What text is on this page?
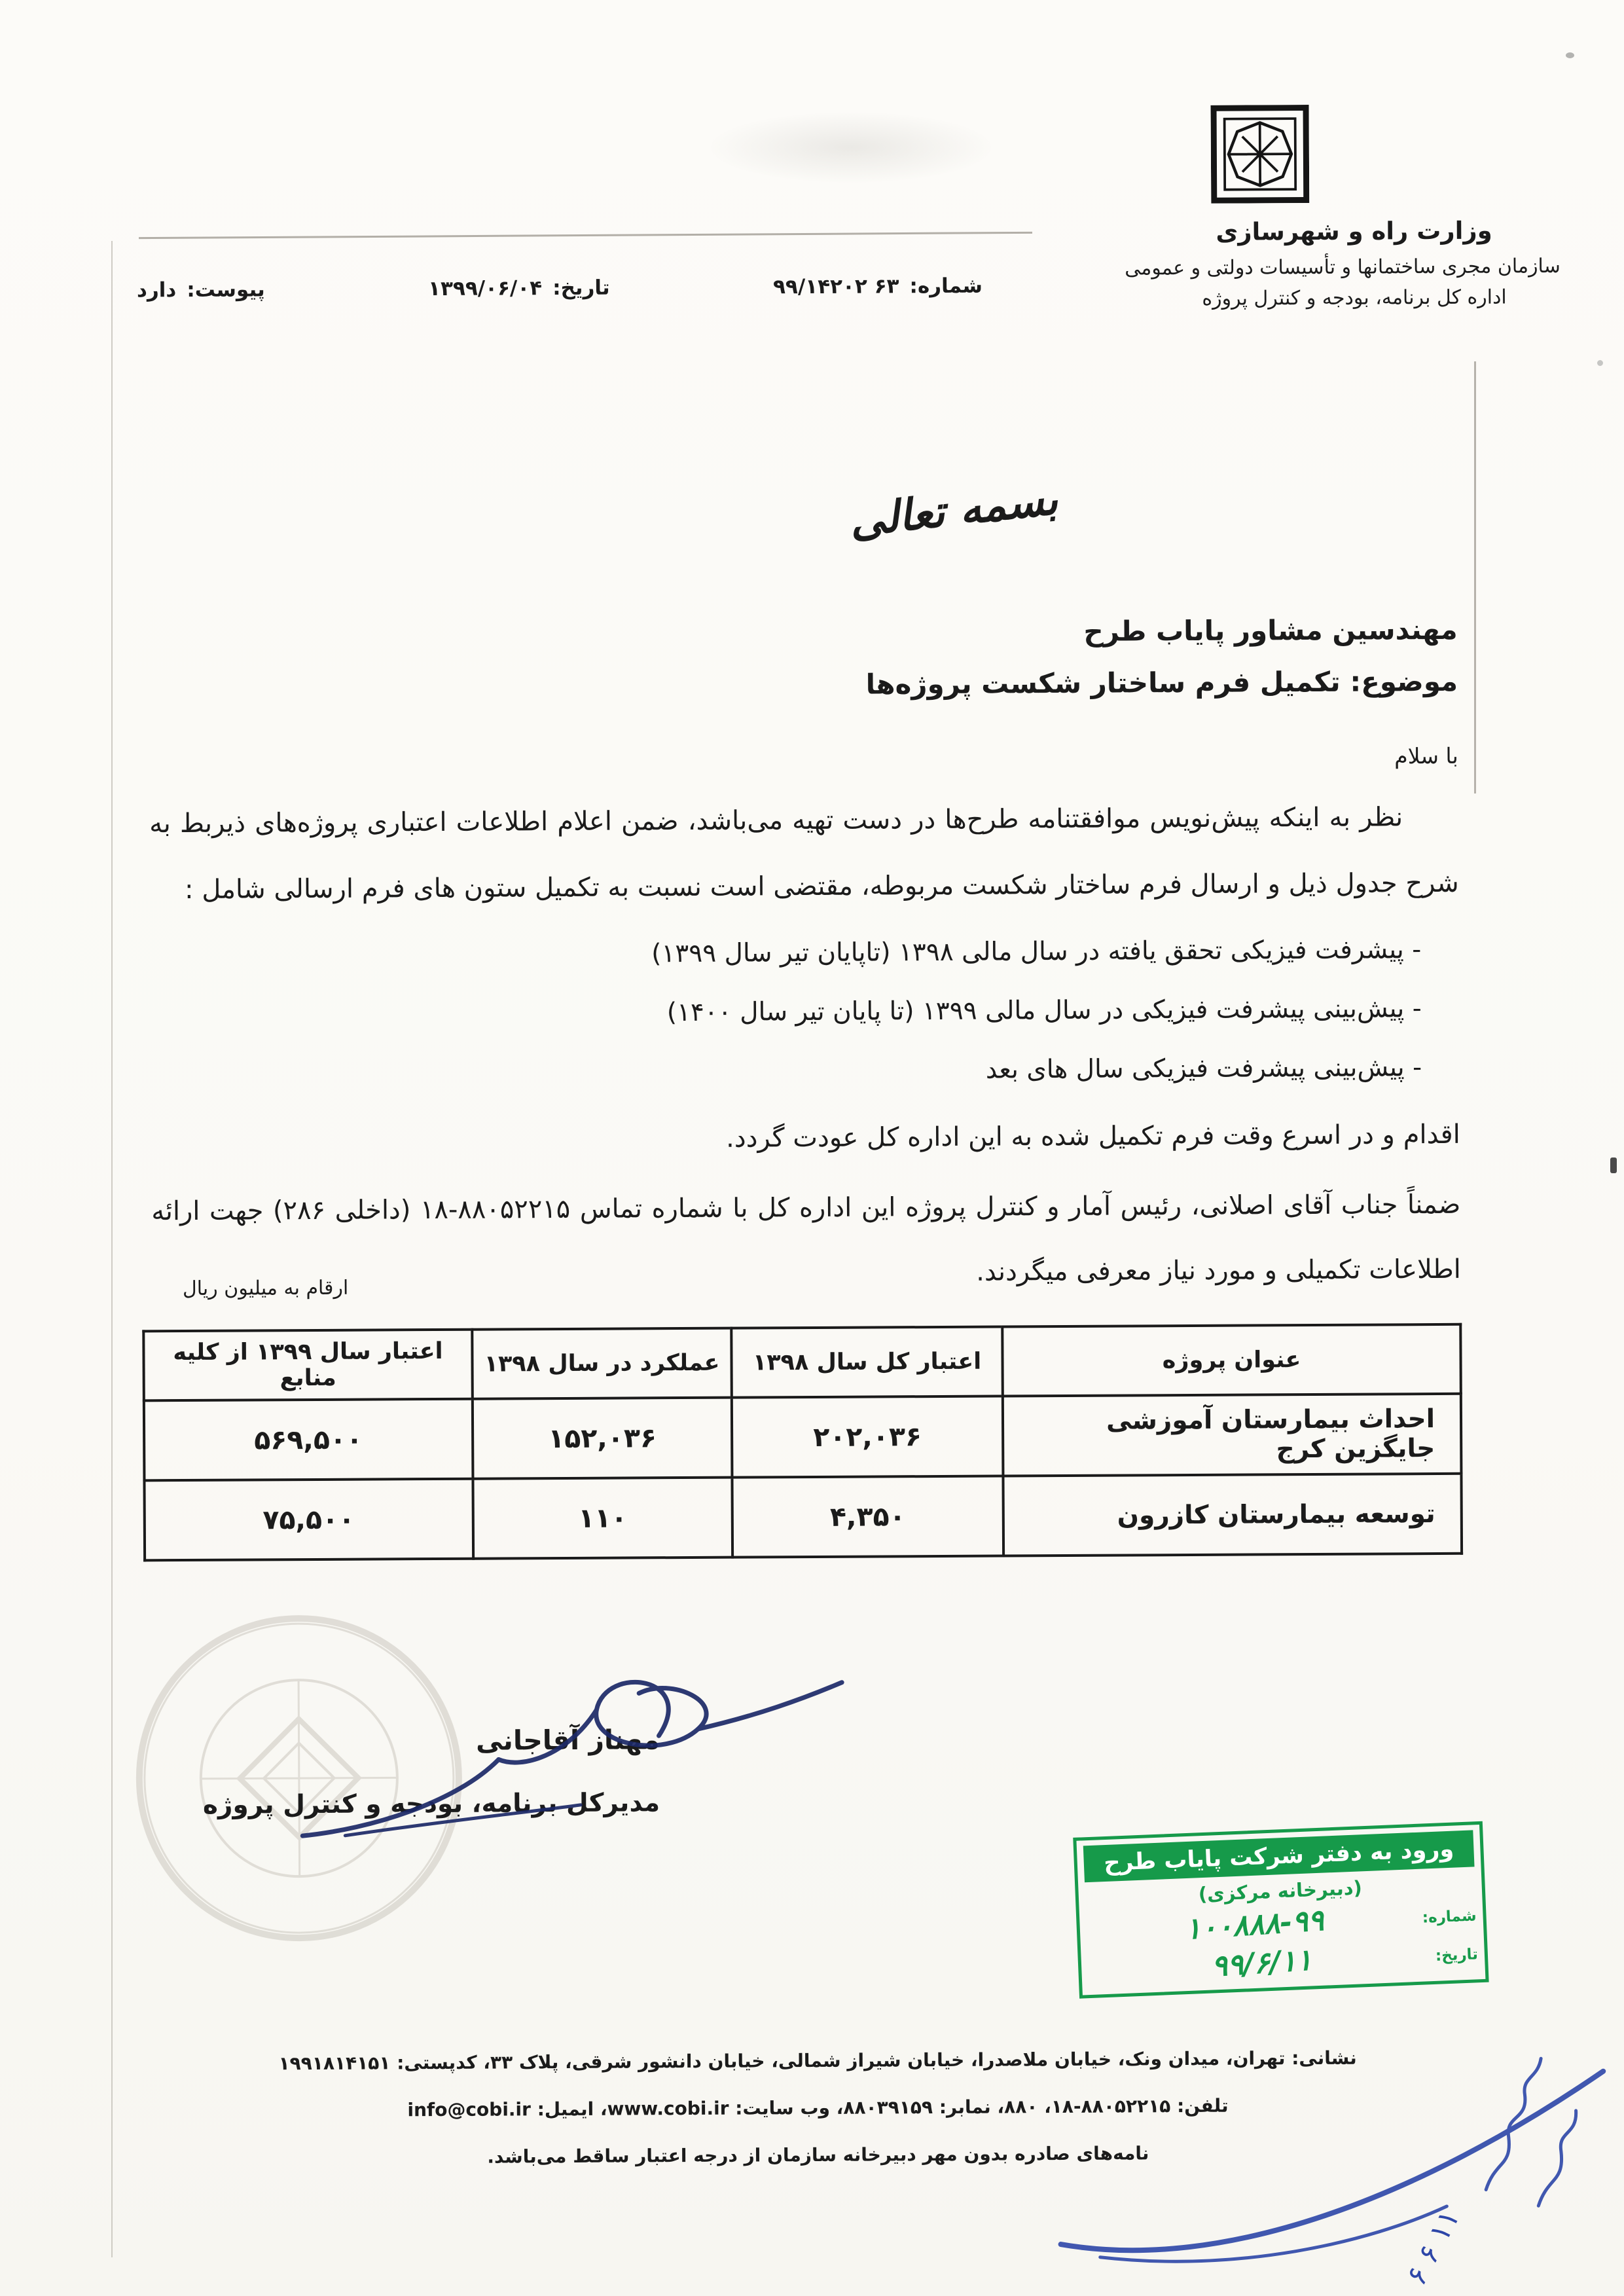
وزارت راه و شهرسازی
سازمان مجری ساختمانها و تأسیسات دولتی و عمومی
اداره کل برنامه، بودجه و کنترل پروژه
شماره:
۶۳ ۹۹/۱۴۲۰۲
تاریخ:
۱۳۹۹/۰۶/۰۴
پیوست:
دارد
بسمه تعالی

مهندسین مشاور پایاب طرح

موضوع: تکمیل فرم ساختار شکست پروژه‌ها

با سلام

نظر به اینکه پیش‌نویس موافقتنامه طرح‌ها در دست تهیه می‌باشد، ضمن اعلام اطلاعات اعتباری پروژه‌های ذیربط به شرح جدول ذیل و ارسال فرم ساختار شکست مربوطه، مقتضی است نسبت به تکمیل ستون های فرم ارسالی شامل :

- پیشرفت فیزیکی تحقق یافته در سال مالی ۱۳۹۸ (تاپایان تیر سال ۱۳۹۹)
- پیش‌بینی پیشرفت فیزیکی در سال مالی ۱۳۹۹ (تا پایان تیر سال ۱۴۰۰)
- پیش‌بینی پیشرفت فیزیکی سال های بعد

اقدام و در اسرع وقت فرم تکمیل شده به این اداره کل عودت گردد.

ضمناً جناب آقای اصلانی، رئیس آمار و کنترل پروژه این اداره کل با شماره تماس ۸۸۰۵۲۲۱۵-۱۸ (داخلی ۲۸۶) جهت ارائه اطلاعات تکمیلی و مورد نیاز معرفی میگردند.

ارقام به میلیون ریال
عنوان پروژه	اعتبار کل سال ۱۳۹۸	عملکرد در سال ۱۳۹۸	اعتبار سال ۱۳۹۹ از کلیه منابع
احداث بیمارستان آموزشی جایگزین کرج	۲۰۲,۰۳۶	۱۵۲,۰۳۶	۵۶۹,۵۰۰
توسعه بیمارستان کازرون	۴,۳۵۰	۱۱۰	۷۵,۵۰۰

مهناز آقاجانی

مدیرکل برنامه، بودجه و کنترل پروژه

ورود به دفتر شرکت پایاب طرح
(دبیرخانه مرکزی)
شماره:
۱۰۰۸۸۸-۹۹
تاریخ:
۹۹/۶/۱۱
نشانی: تهران، میدان ونک، خیابان ملاصدرا، خیابان شیراز شمالی، خیابان دانشور شرقی، پلاک ۳۳، کدپستی: ۱۹۹۱۸۱۴۱۵۱
تلفن: ۸۸۰۵۲۲۱۵-۱۸، ۸۸۰، نمابر: ۸۸۰۳۹۱۵۹، وب سایت: www.cobi.ir، ایمیل: info@cobi.ir
نامه‌های صادره بدون مهر دبیرخانه سازمان از درجه اعتبار ساقط می‌باشد.
۱۱ ۶ ۶
